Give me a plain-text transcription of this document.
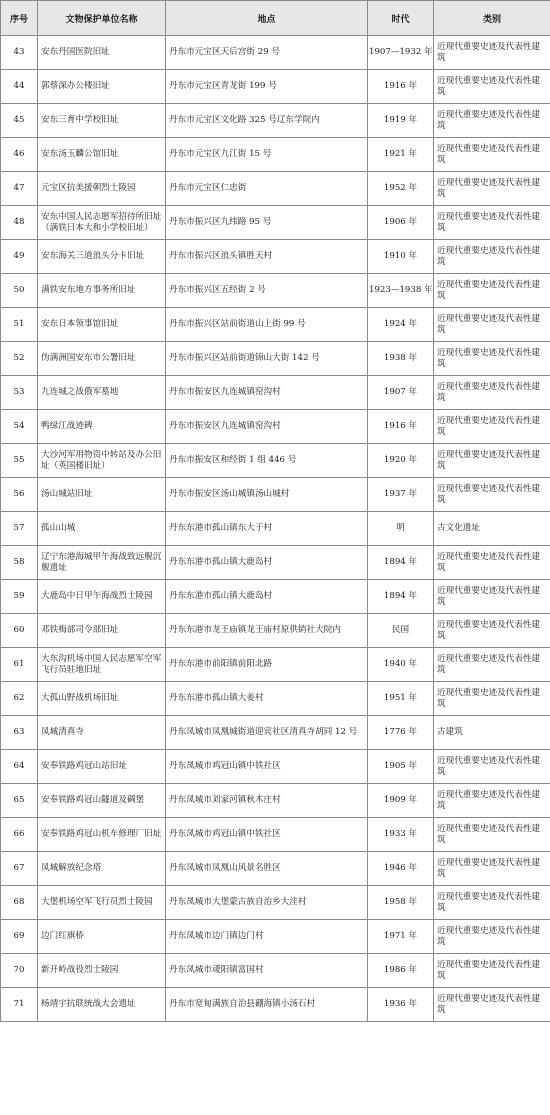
序号	文物保护单位名称	地点	时代	类别
43	安东丹国医院旧址	丹东市元宝区天后宫街 29 号	1907—1932 年	近现代重要史迹及代表性建筑
44	郭蔡深办公楼旧址	丹东市元宝区青龙街 199 号	1916 年	近现代重要史迹及代表性建筑
45	安东三育中学校旧址	丹东市元宝区文化路 325 号辽东学院内	1919 年	近现代重要史迹及代表性建筑
46	安东汤玉麟公馆旧址	丹东市元宝区九江街 15 号	1921 年	近现代重要史迹及代表性建筑
47	元宝区抗美援朝烈士陵园	丹东市元宝区仁忠街	1952 年	近现代重要史迹及代表性建筑
48	安东中国人民志愿军招待所旧址（满铁日本大和小学校旧址）	丹东市振兴区九纬路 95 号	1906 年	近现代重要史迹及代表性建筑
49	安东海关三道浪头分卡旧址	丹东市振兴区浪头镇胜天村	1910 年	近现代重要史迹及代表性建筑
50	满铁安东地方事务所旧址	丹东市振兴区五经街 2 号	1923—1938 年	近现代重要史迹及代表性建筑
51	安东日本领事馆旧址	丹东市振兴区站前街道山上街 99 号	1924 年	近现代重要史迹及代表性建筑
52	伪满洲国安东市公署旧址	丹东市振兴区站前街道锦山大街 142 号	1938 年	近现代重要史迹及代表性建筑
53	九连城之战俄军墓地	丹东市振安区九连城镇窑沟村	1907 年	近现代重要史迹及代表性建筑
54	鸭绿江战迹碑	丹东市振安区九连城镇窑沟村	1916 年	近现代重要史迹及代表性建筑
55	大沙河军用物资中转站及办公旧址（英国楼旧址）	丹东市振安区和经街 1 组 446 号	1920 年	近现代重要史迹及代表性建筑
56	汤山城站旧址	丹东市振安区汤山城镇汤山城村	1937 年	近现代重要史迹及代表性建筑
57	孤山山城	丹东东港市孤山镇东大于村	明	古文化遗址
58	辽宁东港海城甲午海战致远舰沉舰遗址	丹东东港市孤山镇大鹿岛村	1894 年	近现代重要史迹及代表性建筑
59	大鹿岛中日甲午海战烈士陵园	丹东东港市孤山镇大鹿岛村	1894 年	近现代重要史迹及代表性建筑
60	邓铁梅部司令部旧址	丹东东港市龙王庙镇龙王庙村原供销社大院内	民国	近现代重要史迹及代表性建筑
61	大东沟机场中国人民志愿军空军飞行员驻地旧址	丹东东港市前阳镇前阳北路	1940 年	近现代重要史迹及代表性建筑
62	大孤山野战机场旧址	丹东东港市孤山镇大姜村	1951 年	近现代重要史迹及代表性建筑
63	凤城清真寺	丹东凤城市凤凰城街道迎宾社区清真寺胡同 12 号	1776 年	古建筑
64	安奉铁路鸡冠山站旧址	丹东凤城市鸡冠山镇中铁社区	1905 年	近现代重要史迹及代表性建筑
65	安奉铁路鸡冠山隧道及碉堡	丹东凤城市刘家河镇秋木庄村	1909 年	近现代重要史迹及代表性建筑
66	安奉铁路鸡冠山机车修理厂旧址	丹东凤城市鸡冠山镇中铁社区	1933 年	近现代重要史迹及代表性建筑
67	凤城解放纪念塔	丹东凤城市凤凰山风景名胜区	1946 年	近现代重要史迹及代表性建筑
68	大堡机场空军飞行员烈士陵园	丹东凤城市大堡蒙古族自治乡大洼村	1958 年	近现代重要史迹及代表性建筑
69	边门红旗桥	丹东凤城市边门镇边门村	1971 年	近现代重要史迹及代表性建筑
70	新开岭战役烈士陵园	丹东凤城市叆阳镇富国村	1986 年	近现代重要史迹及代表性建筑
71	杨靖宇抗联统战大会遗址	丹东市宽甸满族自治县硼海镇小汤石村	1936 年	近现代重要史迹及代表性建筑
